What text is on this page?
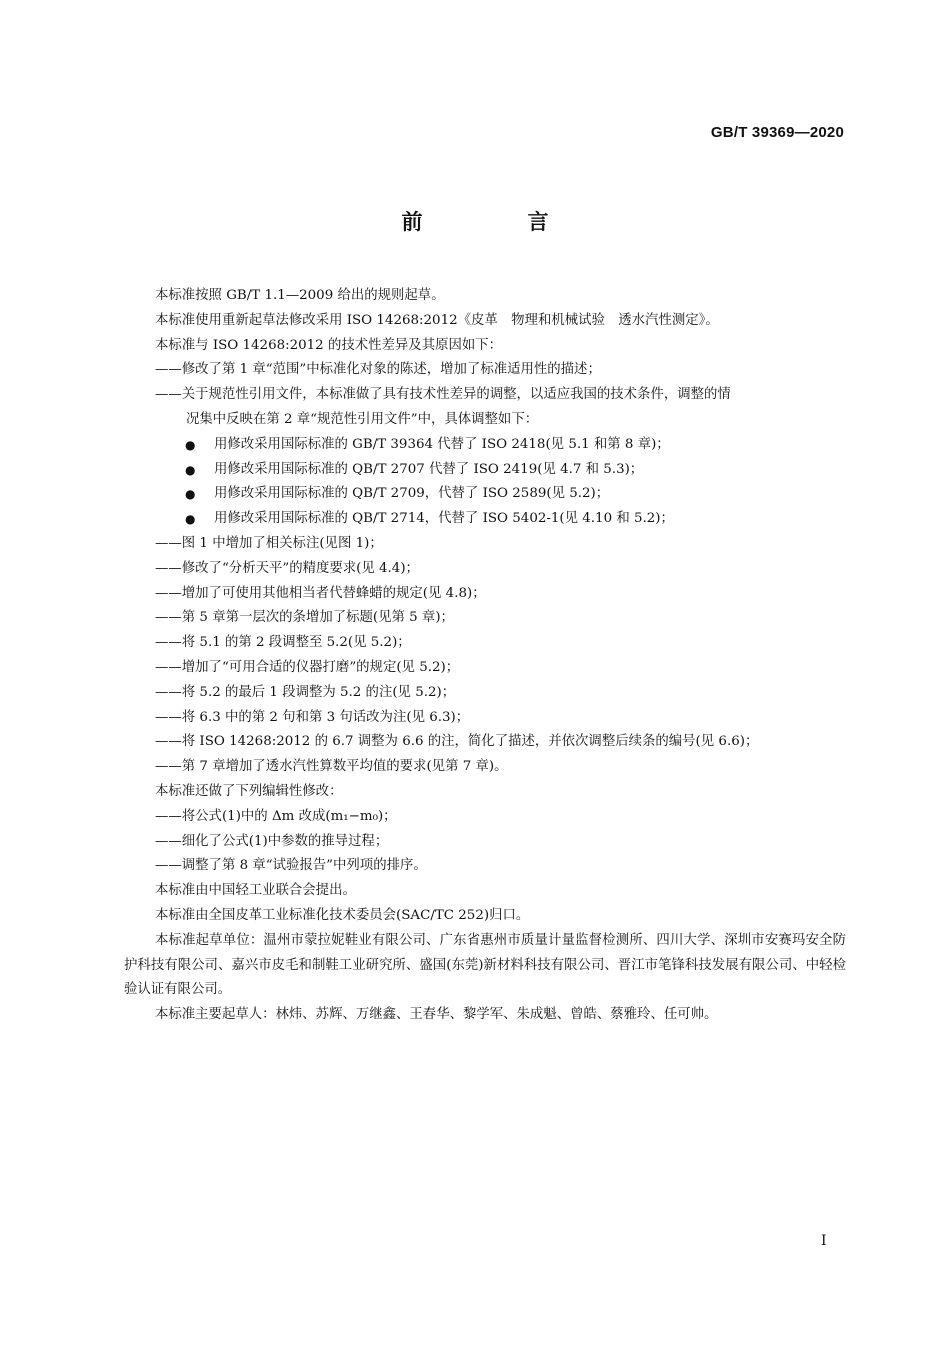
GB/T 39369—2020
前　言

本标准按照 GB/T 1.1—2009 给出的规则起草。

本标准使用重新起草法修改采用 ISO 14268:2012《皮革　物理和机械试验　透水汽性测定》。

本标准与 ISO 14268:2012 的技术性差异及其原因如下：

——修改了第 1 章“范围”中标准化对象的陈述，增加了标准适用性的描述；

——关于规范性引用文件，本标准做了具有技术性差异的调整，以适应我国的技术条件，调整的情

况集中反映在第 2 章“规范性引用文件”中，具体调整如下：

● 用修改采用国际标准的 GB/T 39364 代替了 ISO 2418(见 5.1 和第 8 章)；

● 用修改采用国际标准的 QB/T 2707 代替了 ISO 2419(见 4.7 和 5.3)；

● 用修改采用国际标准的 QB/T 2709，代替了 ISO 2589(见 5.2)；

● 用修改采用国际标准的 QB/T 2714，代替了 ISO 5402-1(见 4.10 和 5.2)；

——图 1 中增加了相关标注(见图 1)；

——修改了“分析天平”的精度要求(见 4.4)；

——增加了可使用其他相当者代替蜂蜡的规定(见 4.8)；

——第 5 章第一层次的条增加了标题(见第 5 章)；

——将 5.1 的第 2 段调整至 5.2(见 5.2)；

——增加了“可用合适的仪器打磨”的规定(见 5.2)；

——将 5.2 的最后 1 段调整为 5.2 的注(见 5.2)；

——将 6.3 中的第 2 句和第 3 句话改为注(见 6.3)；

——将 ISO 14268:2012 的 6.7 调整为 6.6 的注，简化了描述，并依次调整后续条的编号(见 6.6)；

——第 7 章增加了透水汽性算数平均值的要求(见第 7 章)。

本标准还做了下列编辑性修改：

——将公式(1)中的 Δm 改成(m₁−m₀)；

——细化了公式(1)中参数的推导过程；

——调整了第 8 章“试验报告”中列项的排序。

本标准由中国轻工业联合会提出。

本标准由全国皮革工业标准化技术委员会(SAC/TC 252)归口。

本标准起草单位：温州市蒙拉妮鞋业有限公司、广东省惠州市质量计量监督检测所、四川大学、深圳市安赛玛安全防护科技有限公司、嘉兴市皮毛和制鞋工业研究所、盛国(东莞)新材料科技有限公司、晋江市笔锋科技发展有限公司、中轻检验认证有限公司。

本标准主要起草人：林炜、苏辉、万继鑫、王春华、黎学军、朱成魁、曾皓、蔡雅玲、任可帅。

I
